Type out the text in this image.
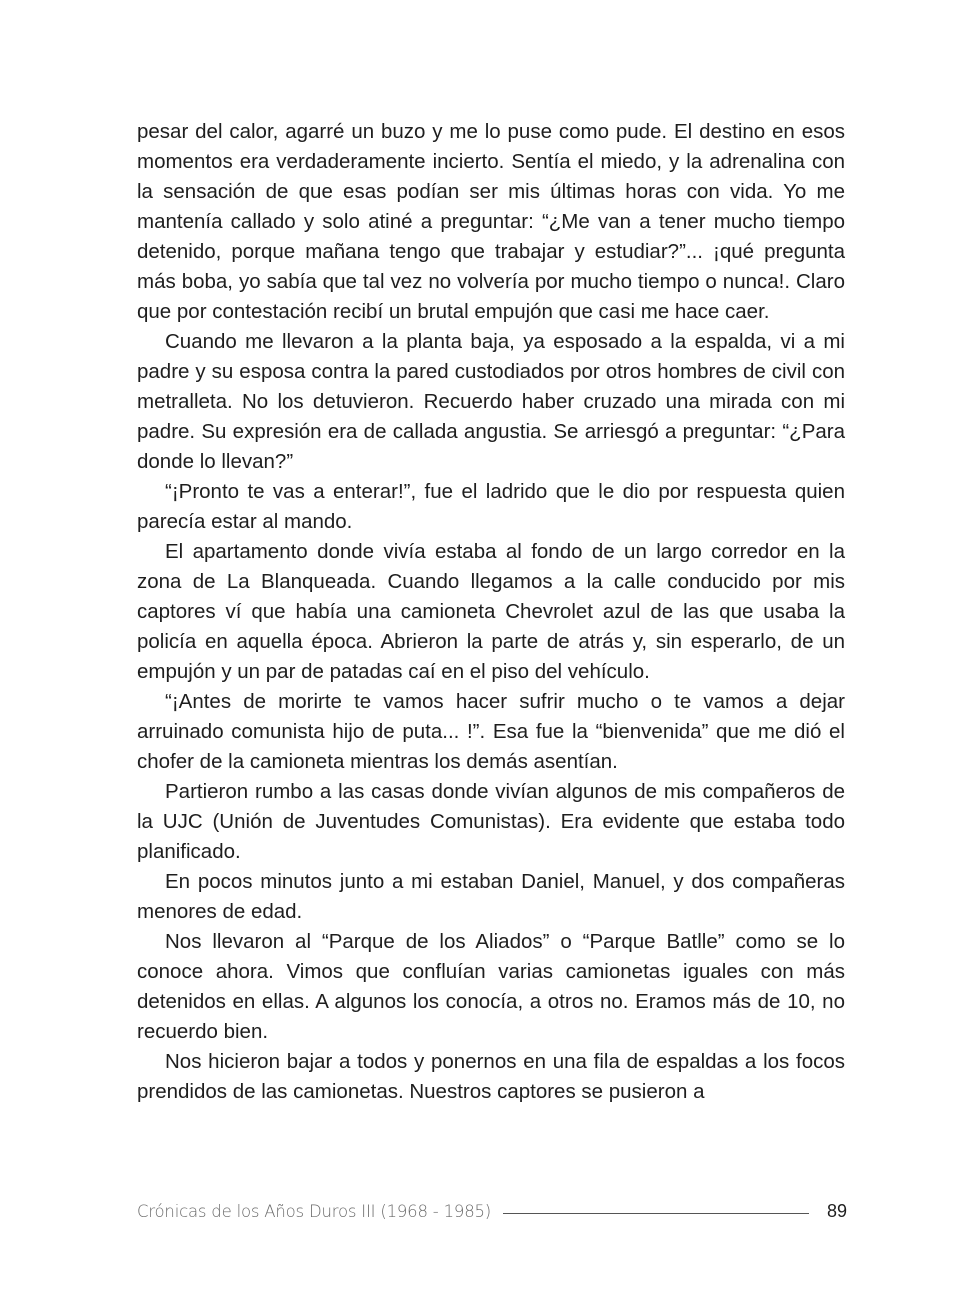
pesar del calor, agarré un buzo y me lo puse como pude. El destino en esos momentos era verdaderamente incierto. Sentía el miedo, y la adrenalina con la sensación de que esas podían ser mis últimas horas con vida. Yo me mantenía callado y solo atiné a preguntar: “¿Me van a tener mucho tiempo detenido, porque mañana tengo que trabajar y estudiar?”... ¡qué pregunta más boba, yo sabía que tal vez no volvería por mucho tiempo o nunca!. Claro que por contestación recibí un brutal empujón que casi me hace caer.

Cuando me llevaron a la planta baja, ya esposado a la espalda, vi a mi padre y su esposa contra la pared custodiados por otros hombres de civil con metralleta. No los detuvieron. Recuerdo haber cruzado una mirada con mi padre. Su expresión era de callada angustia. Se arriesgó a preguntar: “¿Para donde lo llevan?”

“¡Pronto te vas a enterar!”, fue el ladrido que le dio por respuesta quien parecía estar al mando.

El apartamento donde vivía estaba al fondo de un largo corredor en la zona de La Blanqueada. Cuando llegamos a la calle conducido por mis captores ví que había una camioneta Chevrolet azul de las que usaba la policía en aquella época. Abrieron la parte de atrás y, sin esperarlo, de un empujón y un par de patadas caí en el piso del vehículo.

“¡Antes de morirte te vamos hacer sufrir mucho o te vamos a dejar arruinado comunista hijo de puta... !”. Esa fue la “bienvenida” que me dió el chofer de la camioneta mientras los demás asentían.

Partieron rumbo a las casas donde vivían algunos de mis compañeros de la UJC (Unión de Juventudes Comunistas). Era evidente que estaba todo planificado.

En pocos minutos junto a mi estaban Daniel, Manuel, y dos compañeras menores de edad.

Nos llevaron al “Parque de los Aliados” o “Parque Batlle” como se lo conoce ahora. Vimos que confluían varias camionetas iguales con más detenidos en ellas. A algunos los conocía, a otros no. Eramos más de 10, no recuerdo bien.

Nos hicieron bajar a todos y ponernos en una fila de espaldas a los focos prendidos de las camionetas. Nuestros captores se pusieron a

Crónicas de los Años Duros III (1968 - 1985)	89
